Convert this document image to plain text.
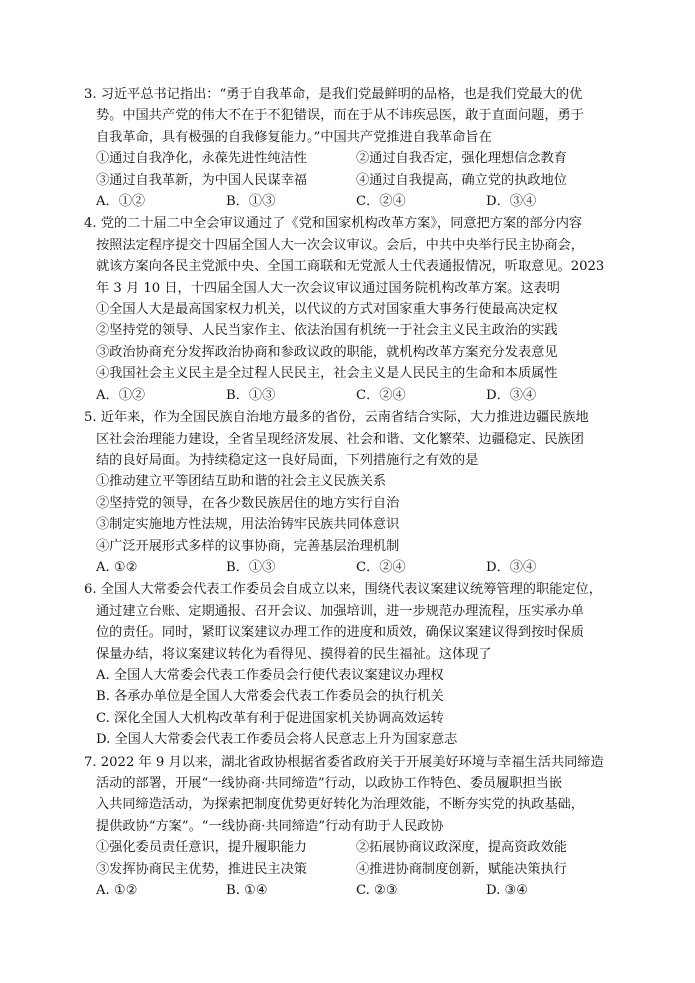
3. 习近平总书记指出：“勇于自我革命，是我们党最鲜明的品格，也是我们党最大的优
势。中国共产党的伟大不在于不犯错误，而在于从不讳疾忌医，敢于直面问题，勇于
自我革命，具有极强的自我修复能力。”中国共产党推进自我革命旨在
①通过自我净化，永葆先进性纯洁性	②通过自我否定，强化理想信念教育
③通过自我革新，为中国人民谋幸福	④通过自我提高，确立党的执政地位
A．①②	B．①③	C．②④	D．③④
4. 党的二十届二中全会审议通过了《党和国家机构改革方案》，同意把方案的部分内容
按照法定程序提交十四届全国人大一次会议审议。会后，中共中央举行民主协商会，
就该方案向各民主党派中央、全国工商联和无党派人士代表通报情况，听取意见。2023
年 3 月 10 日，十四届全国人大一次会议审议通过国务院机构改革方案。这表明
①全国人大是最高国家权力机关，以代议的方式对国家重大事务行使最高决定权
②坚持党的领导、人民当家作主、依法治国有机统一于社会主义民主政治的实践
③政治协商充分发挥政治协商和参政议政的职能，就机构改革方案充分发表意见
④我国社会主义民主是全过程人民民主，社会主义是人民民主的生命和本质属性
A．①②	B．①③	C．②④	D．③④
5. 近年来，作为全国民族自治地方最多的省份，云南省结合实际，大力推进边疆民族地
区社会治理能力建设，全省呈现经济发展、社会和谐、文化繁荣、边疆稳定、民族团
结的良好局面。为持续稳定这一良好局面，下列措施行之有效的是
①推动建立平等团结互助和谐的社会主义民族关系
②坚持党的领导，在各少数民族居住的地方实行自治
③制定实施地方性法规，用法治铸牢民族共同体意识
④广泛开展形式多样的议事协商，完善基层治理机制
A. ①②	B．①③	C．②④	D．③④
6. 全国人大常委会代表工作委员会自成立以来，围绕代表议案建议统筹管理的职能定位，
通过建立台账、定期通报、召开会议、加强培训，进一步规范办理流程，压实承办单
位的责任。同时，紧盯议案建议办理工作的进度和质效，确保议案建议得到按时保质
保量办结，将议案建议转化为看得见、摸得着的民生福祉。这体现了
A. 全国人大常委会代表工作委员会行使代表议案建议办理权
B. 各承办单位是全国人大常委会代表工作委员会的执行机关
C. 深化全国人大机构改革有利于促进国家机关协调高效运转
D. 全国人大常委会代表工作委员会将人民意志上升为国家意志
7. 2022 年 9 月以来，湖北省政协根据省委省政府关于开展美好环境与幸福生活共同缔造
活动的部署，开展“一线协商·共同缔造”行动，以政协工作特色、委员履职担当嵌
入共同缔造活动，为探索把制度优势更好转化为治理效能，不断夯实党的执政基础，
提供政协“方案”。“一线协商·共同缔造”行动有助于人民政协
①强化委员责任意识，提升履职能力	②拓展协商议政深度，提高资政效能
③发挥协商民主优势，推进民主决策	④推进协商制度创新，赋能决策执行
A. ①②	B. ①④	C. ②③	D. ③④
